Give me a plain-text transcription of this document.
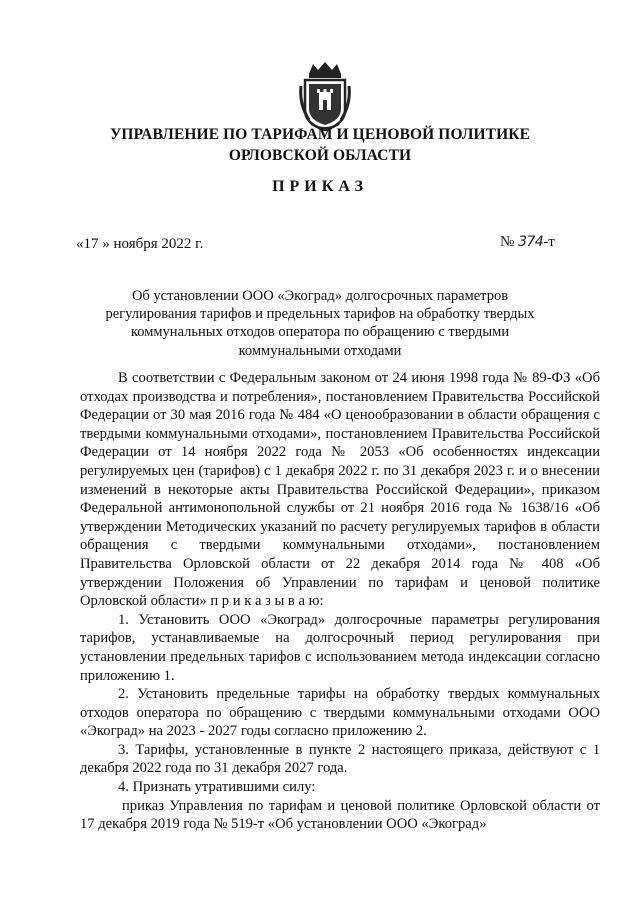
УПРАВЛЕНИЕ ПО ТАРИФАМ И ЦЕНОВОЙ ПОЛИТИКЕ
ОРЛОВСКОЙ ОБЛАСТИ
ПРИКАЗ
«17 » ноября 2022 г.	№ 374-т
Об установлении ООО «Экоград» долгосрочных параметров
регулирования тарифов и предельных тарифов на обработку твердых
коммунальных отходов оператора по обращению с твердыми
коммунальными отходами

В соответствии с Федеральным законом от 24 июня 1998 года № 89-ФЗ «Об отходах производства и потребления», постановлением Правительства Российской Федерации от 30 мая 2016 года № 484 «О ценообразовании в области обращения с твердыми коммунальными отходами», постановлением Правительства Российской Федерации от 14 ноября 2022 года № 2053 «Об особенностях индексации регулируемых цен (тарифов) с 1 декабря 2022 г. по 31 декабря 2023 г. и о внесении изменений в некоторые акты Правительства Российской Федерации», приказом Федеральной антимонопольной службы от 21 ноября 2016 года № 1638/16 «Об утверждении Методических указаний по расчету регулируемых тарифов в области обращения с твердыми коммунальными отходами», постановлением Правительства Орловской области от 22 декабря 2014 года № 408 «Об утверждении Положения об Управлении по тарифам и ценовой политике Орловской области» п р и к а з ы в а ю:

1. Установить ООО «Экоград» долгосрочные параметры регулирования тарифов, устанавливаемые на долгосрочный период регулирования при установлении предельных тарифов с использованием метода индексации согласно приложению 1.

2. Установить предельные тарифы на обработку твердых коммунальных отходов оператора по обращению с твердыми коммунальными отходами ООО «Экоград» на 2023 - 2027 годы согласно приложению 2.

3. Тарифы, установленные в пункте 2 настоящего приказа, действуют с 1 декабря 2022 года по 31 декабря 2027 года.

4. Признать утратившими силу:

приказ Управления по тарифам и ценовой политике Орловской области от 17 декабря 2019 года № 519-т «Об установлении ООО «Экоград»
